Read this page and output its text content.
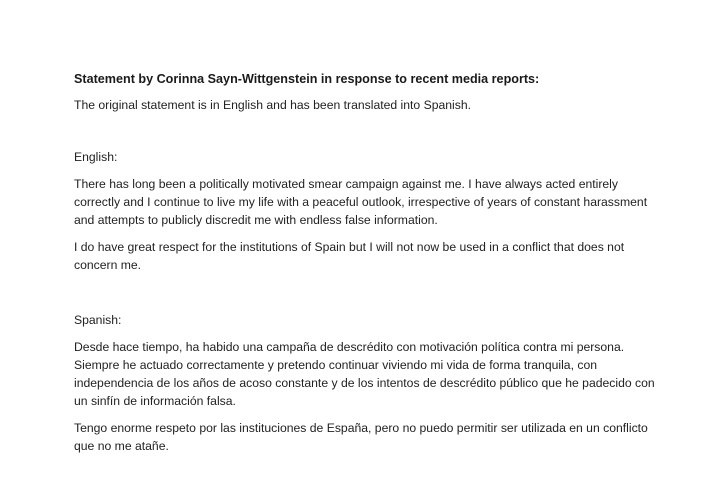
Statement by Corinna Sayn-Wittgenstein in response to recent media reports:

The original statement is in English and has been translated into Spanish.

English:

There has long been a politically motivated smear campaign against me. I have always acted entirely correctly and I continue to live my life with a peaceful outlook, irrespective of years of constant harassment and attempts to publicly discredit me with endless false information.

I do have great respect for the institutions of Spain but I will not now be used in a conflict that does not concern me.

Spanish:

Desde hace tiempo, ha habido una campaña de descrédito con motivación política contra mi persona. Siempre he actuado correctamente y pretendo continuar viviendo mi vida de forma tranquila, con independencia de los años de acoso constante y de los intentos de descrédito público que he padecido con un sinfín de información falsa.

Tengo enorme respeto por las instituciones de España, pero no puedo permitir ser utilizada en un conflicto que no me atañe.
